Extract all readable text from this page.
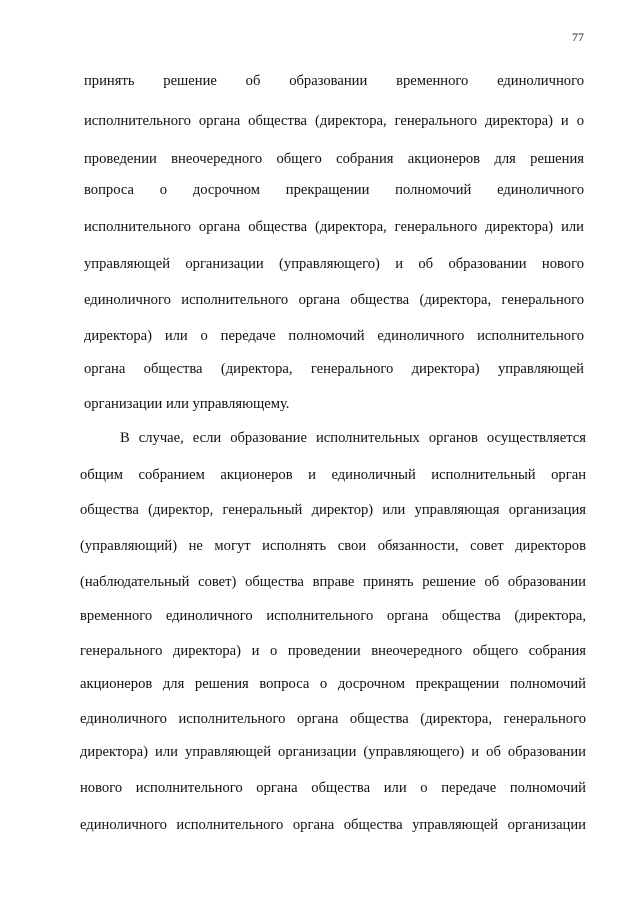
77
принять решение об образовании временного единоличного
исполнительного органа общества (директора, генерального директора) и о
проведении внеочередного общего собрания акционеров для решения
вопроса о досрочном прекращении полномочий единоличного
исполнительного органа общества (директора, генерального директора) или
управляющей организации (управляющего) и об образовании нового
единоличного исполнительного органа общества (директора, генерального
директора) или о передаче полномочий единоличного исполнительного
органа общества (директора, генерального директора) управляющей
организации или управляющему.
В случае, если образование исполнительных органов осуществляется
общим собранием акционеров и единоличный исполнительный орган
общества (директор, генеральный директор) или управляющая организация
(управляющий) не могут исполнять свои обязанности, совет директоров
(наблюдательный совет) общества вправе принять решение об образовании
временного единоличного исполнительного органа общества (директора,
генерального директора) и о проведении внеочередного общего собрания
акционеров для решения вопроса о досрочном прекращении полномочий
единоличного исполнительного органа общества (директора, генерального
директора) или управляющей организации (управляющего) и об образовании
нового исполнительного органа общества или о передаче полномочий
единоличного исполнительного органа общества управляющей организации
